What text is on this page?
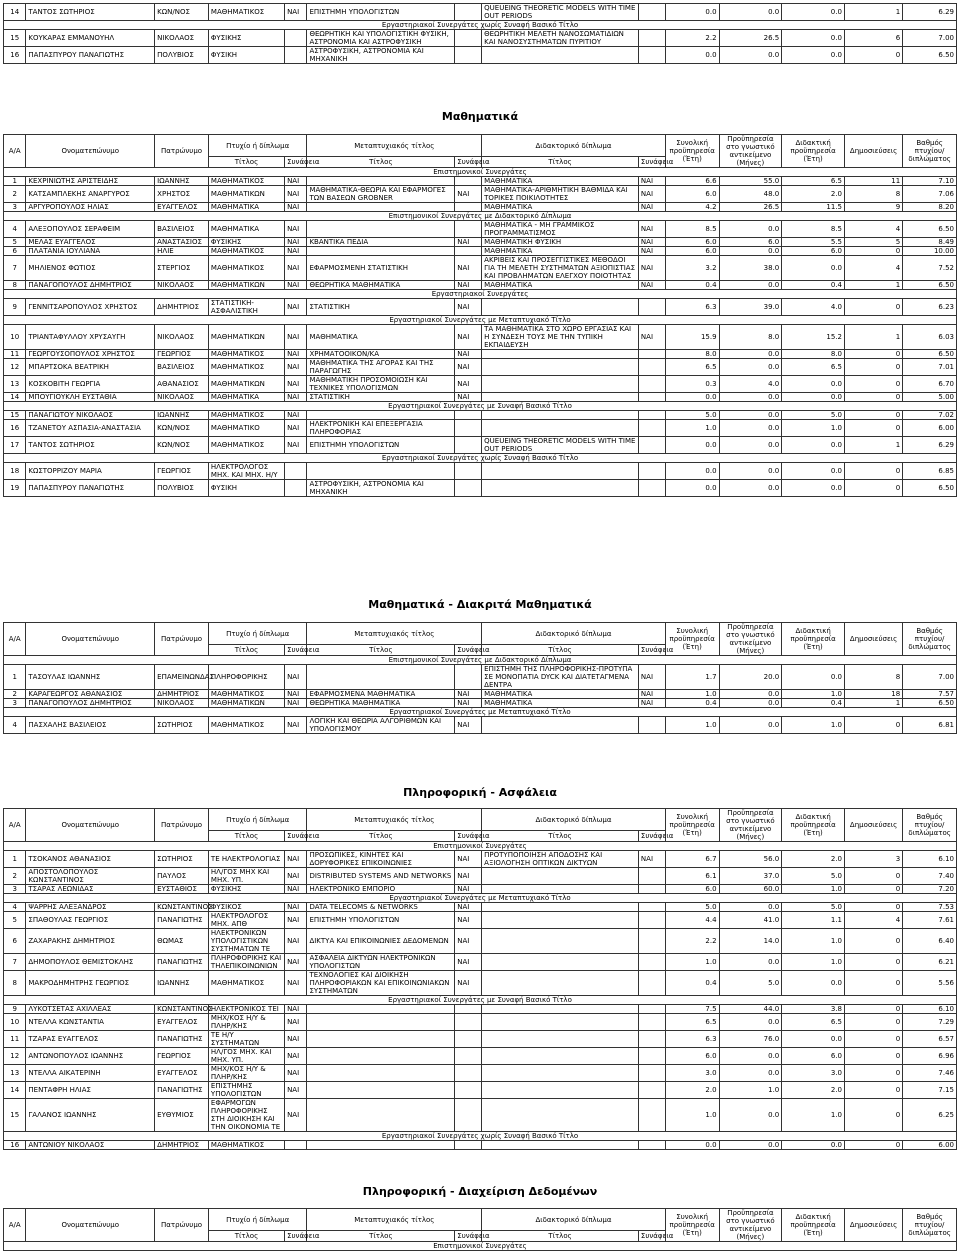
14	ΤΑΝΤΟΣ ΣΩΤΗΡΙΟΣ	ΚΩΝ/ΝΟΣ	ΜΑΘΗΜΑΤΙΚΟΣ	ΝΑΙ	ΕΠΙΣΤΗΜΗ ΥΠΟΛΟΓΙΣΤΩΝ		QUEUEING THEORETIC MODELS WITH TIME OUT PERIODS		0.0	0.0	0.0	1	6.29
Εργαστηριακοί Συνεργάτες χωρίς Συναφή Βασικό Τίτλο													
15	ΚΟΥΚΑΡΑΣ ΕΜΜΑΝΟΥΗΛ	ΝΙΚΟΛΑΟΣ	ΦΥΣΙΚΗΣ		ΘΕΩΡΗΤΙΚΗ ΚΑΙ ΥΠΟΛΟΓΙΣΤΙΚΗ ΦΥΣΙΚΗ, ΑΣΤΡΟΝΟΜΙΑ ΚΑΙ ΑΣΤΡΟΦΥΣΙΚΗ		ΘΕΩΡΗΤΙΚΗ ΜΕΛΕΤΗ ΝΑΝΟΣΩΜΑΤΙΔΙΩΝ ΚΑΙ ΝΑΝΟΣΥΣΤΗΜΑΤΩΝ ΠΥΡΙΤΙΟΥ		2.2	26.5	0.0	6	7.00
16	ΠΑΠΑΣΠΥΡΟΥ ΠΑΝΑΓΙΩΤΗΣ	ΠΟΛΥΒΙΟΣ	ΦΥΣΙΚΗ		ΑΣΤΡΟΦΥΣΙΚΗ, ΑΣΤΡΟΝΟΜΙΑ ΚΑΙ ΜΗΧΑΝΙΚΗ				0.0	0.0	0.0	0	6.50
Μαθηματικά
Α/Α	Ονοματεπώνυμο	Πατρώνυμο	Πτυχίο ή δίπλωμα		Μεταπτυχιακός τίτλος		Διδακτορικό δίπλωμα		Συνολική προϋπηρεσία (Έτη)	Προϋπηρεσία στο γνωστικό αντικείμενο (Μήνες)	Διδακτική προϋπηρεσία (Έτη)	Δημοσιεύσεις	Βαθμός πτυχίου/ διπλώματος
			Τίτλος	Συνάφεια	Τίτλος	Συνάφεια	Τίτλος	Συνάφεια					
Επιστημονικοί Συνεργάτες													
1	ΚΕΧΡΙΝΙΩΤΗΣ ΑΡΙΣΤΕΙΔΗΣ	ΙΩΑΝΝΗΣ	ΜΑΘΗΜΑΤΙΚΟΣ	ΝΑΙ			ΜΑΘΗΜΑΤΙΚΑ	ΝΑΙ	6.6	55.0	6.5	11	7.10
2	ΚΑΤΣΑΜΠΛΕΚΗΣ ΑΝΑΡΓΥΡΟΣ	ΧΡΗΣΤΟΣ	ΜΑΘΗΜΑΤΙΚΩΝ	ΝΑΙ	ΜΑΘΗΜΑΤΙΚΑ-ΘΕΩΡΙΑ ΚΑΙ ΕΦΑΡΜΟΓΕΣ ΤΩΝ ΒΑΣΕΩΝ GROBNER	ΝΑΙ	ΜΑΘΗΜΑΤΙΚΑ-ΑΡΙΘΜΗΤΙΚΗ ΒΑΘΜΙΔΑ ΚΑΙ ΤΟΡΙΚΕΣ ΠΟΙΚΙΛΟΤΗΤΕΣ	ΝΑΙ	6.0	48.0	2.0	8	7.06
3	ΑΡΓΥΡΟΠΟΥΛΟΣ ΗΛΙΑΣ	ΕΥΑΓΓΕΛΟΣ	ΜΑΘΗΜΑΤΙΚΑ	ΝΑΙ			ΜΑΘΗΜΑΤΙΚΑ	ΝΑΙ	4.2	26.5	11.5	9	8.20
Επιστημονικοί Συνεργάτες με Διδακτορικό Δίπλωμα													
4	ΑΛΕΞΟΠΟΥΛΟΣ ΣΕΡΑΦΕΙΜ	ΒΑΣΙΛΕΙΟΣ	ΜΑΘΗΜΑΤΙΚΑ	ΝΑΙ			ΜΑΘΗΜΑΤΙΚΑ - ΜΗ ΓΡΑΜΜΙΚΟΣ ΠΡΟΓΡΑΜΜΑΤΙΣΜΟΣ	ΝΑΙ	8.5	0.0	8.5	4	6.50
5	ΜΕΛΑΣ ΕΥΑΓΓΕΛΟΣ	ΑΝΑΣΤΑΣΙΟΣ	ΦΥΣΙΚΗΣ	ΝΑΙ	ΚΒΑΝΤΙΚΑ ΠΕΔΙΑ	ΝΑΙ	ΜΑΘΗΜΑΤΙΚΗ ΦΥΣΙΚΗ	ΝΑΙ	6.0	6.0	5.5	5	8.49
6	ΠΛΑΤΑΝΙΑ ΙΟΥΛΙΑΝΑ	ΗΛΙΕ	ΜΑΘΗΜΑΤΙΚΟΣ	ΝΑΙ			ΜΑΘΗΜΑΤΙΚΑ	ΝΑΙ	6.0	0.0	6.0	0	10.00
7	ΜΗΛΙΕΝΟΣ ΦΩΤΙΟΣ	ΣΤΕΡΓΙΟΣ	ΜΑΘΗΜΑΤΙΚΟΣ	ΝΑΙ	ΕΦΑΡΜΟΣΜΕΝΗ ΣΤΑΤΙΣΤΙΚΗ	ΝΑΙ	ΑΚΡΙΒΕΙΣ ΚΑΙ ΠΡΟΣΕΓΓΙΣΤΙΚΕΣ ΜΕΘΟΔΟΙ ΓΙΑ ΤΗ ΜΕΛΕΤΗ ΣΥΣΤΗΜΑΤΩΝ ΑΞΙΟΠΙΣΤΙΑΣ ΚΑΙ ΠΡΟΒΛΗΜΑΤΩΝ ΕΛΕΓΧΟΥ ΠΟΙΟΤΗΤΑΣ	ΝΑΙ	3.2	38.0	0.0	4	7.52
8	ΠΑΝΑΓΟΠΟΥΛΟΣ ΔΗΜΗΤΡΙΟΣ	ΝΙΚΟΛΑΟΣ	ΜΑΘΗΜΑΤΙΚΩΝ	ΝΑΙ	ΘΕΩΡΗΤΙΚΑ ΜΑΘΗΜΑΤΙΚΑ	ΝΑΙ	ΜΑΘΗΜΑΤΙΚΑ	ΝΑΙ	0.4	0.0	0.4	1	6.50
Εργαστηριακοί Συνεργάτες													
9	ΓΕΝΝΙΤΣΑΡΟΠΟΥΛΟΣ ΧΡΗΣΤΟΣ	ΔΗΜΗΤΡΙΟΣ	ΣΤΑΤΙΣΤΙΚΗ-ΑΣΦΑΛΙΣΤΙΚΗ	ΝΑΙ	ΣΤΑΤΙΣΤΙΚΗ	ΝΑΙ			6.3	39.0	4.0	0	6.23
Εργαστηριακοί Συνεργάτες με Μεταπτυχιακό Τίτλο													
10	ΤΡΙΑΝΤΑΦΥΛΛΟΥ ΧΡΥΣΑΥΓΗ	ΝΙΚΟΛΑΟΣ	ΜΑΘΗΜΑΤΙΚΩΝ	ΝΑΙ	ΜΑΘΗΜΑΤΙΚΑ	ΝΑΙ	ΤΑ ΜΑΘΗΜΑΤΙΚΑ ΣΤΟ ΧΩΡΟ ΕΡΓΑΣΙΑΣ ΚΑΙ Η ΣΥΝΔΕΣΗ ΤΟΥΣ ΜΕ ΤΗΝ ΤΥΠΙΚΗ ΕΚΠΑΙΔΕΥΣΗ	ΝΑΙ	15.9	8.0	15.2	1	6.03
11	ΓΕΩΡΓΟΥΣΟΠΟΥΛΟΣ ΧΡΗΣΤΟΣ	ΓΕΩΡΓΙΟΣ	ΜΑΘΗΜΑΤΙΚΟΣ	ΝΑΙ	ΧΡΗΜΑΤΟΟΙΚΟΝ/ΚΑ	ΝΑΙ			8.0	0.0	8.0	0	6.50
12	ΜΠΑΡΤΣΟΚΑ ΒΕΑΤΡΙΚΗ	ΒΑΣΙΛΕΙΟΣ	ΜΑΘΗΜΑΤΙΚΟΣ	ΝΑΙ	ΜΑΘΗΜΑΤΙΚΑ ΤΗΣ ΑΓΟΡΑΣ ΚΑΙ ΤΗΣ ΠΑΡΑΓΩΓΗΣ	ΝΑΙ			6.5	0.0	6.5	0	7.01
13	ΚΟΣΚΟΒΙΤΗ ΓΕΩΡΓΙΑ	ΑΘΑΝΑΣΙΟΣ	ΜΑΘΗΜΑΤΙΚΩΝ	ΝΑΙ	ΜΑΘΗΜΑΤΙΚΗ ΠΡΟΣΟΜΟΙΩΣΗ ΚΑΙ ΤΕΧΝΙΚΕΣ ΥΠΟΛΟΓΙΣΜΩΝ	ΝΑΙ			0.3	4.0	0.0	0	6.70
14	ΜΠΟΥΓΙΟΥΚΛΗ ΕΥΣΤΑΘΙΑ	ΝΙΚΟΛΑΟΣ	ΜΑΘΗΜΑΤΙΚΑ	ΝΑΙ	ΣΤΑΤΙΣΤΙΚΗ	ΝΑΙ			0.0	0.0	0.0	0	5.00
Εργαστηριακοί Συνεργάτες με Συναφή Βασικό Τίτλο													
15	ΠΑΝΑΓΙΩΤΟΥ ΝΙΚΟΛΑΟΣ	ΙΩΑΝΝΗΣ	ΜΑΘΗΜΑΤΙΚΟΣ	ΝΑΙ					5.0	0.0	5.0	0	7.02
16	ΤΖΑΝΕΤΟΥ ΑΣΠΑΣΙΑ-ΑΝΑΣΤΑΣΙΑ	ΚΩΝ/ΝΟΣ	ΜΑΘΗΜΑΤΙΚΟ	ΝΑΙ	ΗΛΕΚΤΡΟΝΙΚΗ ΚΑΙ ΕΠΕΞΕΡΓΑΣΙΑ ΠΛΗΡΟΦΟΡΙΑΣ				1.0	0.0	1.0	0	6.00
17	ΤΑΝΤΟΣ ΣΩΤΗΡΙΟΣ	ΚΩΝ/ΝΟΣ	ΜΑΘΗΜΑΤΙΚΟΣ	ΝΑΙ	ΕΠΙΣΤΗΜΗ ΥΠΟΛΟΓΙΣΤΩΝ		QUEUEING THEORETIC MODELS WITH TIME OUT PERIODS		0.0	0.0	0.0	1	6.29
Εργαστηριακοί Συνεργάτες χωρίς Συναφή Βασικό Τίτλο													
18	ΚΩΣΤΟΡΡΙΖΟΥ ΜΑΡΙΑ	ΓΕΩΡΓΙΟΣ	ΗΛΕΚΤΡΟΛΟΓΟΣ ΜΗΧ. ΚΑΙ ΜΗΧ. Η/Υ						0.0	0.0	0.0	0	6.85
19	ΠΑΠΑΣΠΥΡΟΥ ΠΑΝΑΓΙΩΤΗΣ	ΠΟΛΥΒΙΟΣ	ΦΥΣΙΚΗ		ΑΣΤΡΟΦΥΣΙΚΗ, ΑΣΤΡΟΝΟΜΙΑ ΚΑΙ ΜΗΧΑΝΙΚΗ				0.0	0.0	0.0	0	6.50
Μαθηματικά - Διακριτά Μαθηματικά
Α/Α	Ονοματεπώνυμο	Πατρώνυμο	Πτυχίο ή δίπλωμα		Μεταπτυχιακός τίτλος		Διδακτορικό δίπλωμα		Συνολική προϋπηρεσία (Έτη)	Προϋπηρεσία στο γνωστικό αντικείμενο (Μήνες)	Διδακτική προϋπηρεσία (Έτη)	Δημοσιεύσεις	Βαθμός πτυχίου/ διπλώματος
			Τίτλος	Συνάφεια	Τίτλος	Συνάφεια	Τίτλος	Συνάφεια					
Επιστημονικοί Συνεργάτες με Διδακτορικό Δίπλωμα													
1	ΤΑΣΟΥΛΑΣ ΙΩΑΝΝΗΣ	ΕΠΑΜΕΙΝΩΝΔΑΣ	ΠΛΗΡΟΦΟΡΙΚΗΣ	ΝΑΙ			ΕΠΙΣΤΗΜΗ ΤΗΣ ΠΛΗΡΟΦΟΡΙΚΗΣ-ΠΡΟΤΥΠΑ ΣΕ ΜΟΝΟΠΑΤΙΑ DYCK ΚΑΙ ΔΙΑΤΕΤΑΓΜΕΝΑ ΔΕΝΤΡΑ	ΝΑΙ	1.7	20.0	0.0	8	7.00
2	ΚΑΡΑΓΕΩΡΓΟΣ ΑΘΑΝΑΣΙΟΣ	ΔΗΜΗΤΡΙΟΣ	ΜΑΘΗΜΑΤΙΚΟΣ	ΝΑΙ	ΕΦΑΡΜΟΣΜΕΝΑ ΜΑΘΗΜΑΤΙΚΑ	ΝΑΙ	ΜΑΘΗΜΑΤΙΚΑ	ΝΑΙ	1.0	0.0	1.0	18	7.57
3	ΠΑΝΑΓΟΠΟΥΛΟΣ ΔΗΜΗΤΡΙΟΣ	ΝΙΚΟΛΑΟΣ	ΜΑΘΗΜΑΤΙΚΩΝ	ΝΑΙ	ΘΕΩΡΗΤΙΚΑ ΜΑΘΗΜΑΤΙΚΑ	ΝΑΙ	ΜΑΘΗΜΑΤΙΚΑ	ΝΑΙ	0.4	0.0	0.4	1	6.50
Εργαστηριακοί Συνεργάτες με Μεταπτυχιακό Τίτλο													
4	ΠΑΣΧΑΛΗΣ ΒΑΣΙΛΕΙΟΣ	ΣΩΤΗΡΙΟΣ	ΜΑΘΗΜΑΤΙΚΟΣ	ΝΑΙ	ΛΟΓΙΚΗ ΚΑΙ ΘΕΩΡΙΑ ΑΛΓΟΡΙΘΜΩΝ ΚΑΙ ΥΠΟΛΟΓΙΣΜΟΥ	ΝΑΙ			1.0	0.0	1.0	0	6.81
Πληροφορική - Ασφάλεια
Α/Α	Ονοματεπώνυμο	Πατρώνυμο	Πτυχίο ή δίπλωμα		Μεταπτυχιακός τίτλος		Διδακτορικό δίπλωμα		Συνολική προϋπηρεσία (Έτη)	Προϋπηρεσία στο γνωστικό αντικείμενο (Μήνες)	Διδακτική προϋπηρεσία (Έτη)	Δημοσιεύσεις	Βαθμός πτυχίου/ διπλώματος
			Τίτλος	Συνάφεια	Τίτλος	Συνάφεια	Τίτλος	Συνάφεια					
Επιστημονικοί Συνεργάτες													
1	ΤΣΟΚΑΝΟΣ ΑΘΑΝΑΣΙΟΣ	ΣΩΤΗΡΙΟΣ	ΤΕ ΗΛΕΚΤΡΟΛΟΓΙΑΣ	ΝΑΙ	ΠΡΟΣΩΠΙΚΕΣ, ΚΙΝΗΤΕΣ ΚΑΙ ΔΟΡΥΦΟΡΙΚΕΣ ΕΠΙΚΟΙΝΩΝΙΕΣ	ΝΑΙ	ΠΡΟΤΥΠΟΠΟΙΗΣΗ ΑΠΟΔΟΣΗΣ ΚΑΙ ΑΞΙΟΛΟΓΗΣΗ ΟΠΤΙΚΩΝ ΔΙΚΤΥΩΝ	ΝΑΙ	6.7	56.0	2.0	3	6.10
2	ΑΠΟΣΤΟΛΟΠΟΥΛΟΣ ΚΩΝΣΤΑΝΤΙΝΟΣ	ΠΑΥΛΟΣ	ΗΛ/ΓΟΣ ΜΗΧ ΚΑΙ ΜΗΧ. ΥΠ.	ΝΑΙ	DISTRIBUTED SYSTEMS AND NETWORKS	ΝΑΙ			6.1	37.0	5.0	0	7.40
3	ΤΣΑΡΑΣ ΛΕΩΝΙΔΑΣ	ΕΥΣΤΑΘΙΟΣ	ΦΥΣΙΚΗΣ	ΝΑΙ	ΗΛΕΚΤΡΟΝΙΚΟ ΕΜΠΟΡΙΟ	ΝΑΙ			6.0	60.0	1.0	0	7.20
Εργαστηριακοί Συνεργάτες με Μεταπτυχιακό Τίτλο													
4	ΨΑΡΡΗΣ ΑΛΕΞΑΝΔΡΟΣ	ΚΩΝΣΤΑΝΤΙΝΟΣ	ΦΥΣΙΚΟΣ	ΝΑΙ	DATA TELECOMS & NETWORKS	ΝΑΙ			5.0	0.0	5.0	0	7.53
5	ΣΠΑΘΟΥΛΑΣ ΓΕΩΡΓΙΟΣ	ΠΑΝΑΓΙΩΤΗΣ	ΗΛΕΚΤΡΟΛΟΓΟΣ ΜΗΧ. ΑΠΘ	ΝΑΙ	ΕΠΙΣΤΗΜΗ ΥΠΟΛΟΓΙΣΤΩΝ	ΝΑΙ			4.4	41.0	1.1	4	7.61
6	ΖΑΧΑΡΑΚΗΣ ΔΗΜΗΤΡΙΟΣ	ΘΩΜΑΣ	ΗΛΕΚΤΡΟΝΙΚΩΝ ΥΠΟΛΟΓΙΣΤΙΚΩΝ ΣΥΣΤΗΜΑΤΩΝ ΤΕ	ΝΑΙ	ΔΙΚΤΥΑ ΚΑΙ ΕΠΙΚΟΙΝΩΝΙΕΣ ΔΕΔΟΜΕΝΩΝ	ΝΑΙ			2.2	14.0	1.0	0	6.40
7	ΔΗΜΟΠΟΥΛΟΣ ΘΕΜΙΣΤΟΚΛΗΣ	ΠΑΝΑΓΙΩΤΗΣ	ΠΛΗΡΟΦΟΡΙΚΗΣ ΚΑΙ ΤΗΛΕΠΙΚΟΙΝΩΝΙΩΝ	ΝΑΙ	ΑΣΦΑΛΕΙΑ ΔΙΚΤΥΩΝ ΗΛΕΚΤΡΟΝΙΚΩΝ ΥΠΟΛΟΓΙΣΤΩΝ	ΝΑΙ			1.0	0.0	1.0	0	6.21
8	ΜΑΚΡΟΔΗΜΗΤΡΗΣ ΓΕΩΡΓΙΟΣ	ΙΩΑΝΝΗΣ	ΜΑΘΗΜΑΤΙΚΟΣ	ΝΑΙ	ΤΕΧΝΟΛΟΓΙΕΣ ΚΑΙ ΔΙΟΙΚΗΣΗ ΠΛΗΡΟΦΟΡΙΑΚΩΝ ΚΑΙ ΕΠΙΚΟΙΝΩΝΙΑΚΩΝ ΣΥΣΤΗΜΑΤΩΝ	ΝΑΙ			0.4	5.0	0.0	0	5.56
Εργαστηριακοί Συνεργάτες με Συναφή Βασικό Τίτλο													
9	ΛΥΚΟΤΣΕΤΑΣ ΑΧΙΛΛΕΑΣ	ΚΩΝΣΤΑΝΤΙΝΟΣ	ΗΛΕΚΤΡΟΝΙΚΟΣ ΤΕΙ	ΝΑΙ					7.5	44.0	3.8	0	6.10
10	ΝΤΕΛΛΑ ΚΩΝΣΤΑΝΤΙΑ	ΕΥΑΓΓΕΛΟΣ	ΜΗΧ/ΚΟΣ Η/Υ & ΠΛΗΡ/ΚΗΣ	ΝΑΙ					6.5	0.0	6.5	0	7.29
11	ΤΖΑΡΑΣ ΕΥΑΓΓΕΛΟΣ	ΠΑΝΑΓΙΩΤΗΣ	ΤΕ Η/Υ ΣΥΣΤΗΜΑΤΩΝ	ΝΑΙ					6.3	76.0	0.0	0	6.57
12	ΑΝΤΩΝΟΠΟΥΛΟΣ ΙΩΑΝΝΗΣ	ΓΕΩΡΓΙΟΣ	ΗΛ/ΓΟΣ ΜΗΧ. ΚΑΙ ΜΗΧ. ΥΠ.	ΝΑΙ					6.0	0.0	6.0	0	6.96
13	ΝΤΕΛΛΑ ΑΙΚΑΤΕΡΙΝΗ	ΕΥΑΓΓΕΛΟΣ	ΜΗΧ/ΚΟΣ Η/Υ & ΠΛΗΡ/ΚΗΣ	ΝΑΙ					3.0	0.0	3.0	0	7.46
14	ΠΕΝΤΑΦΡΗ ΗΛΙΑΣ	ΠΑΝΑΓΙΩΤΗΣ	ΕΠΙΣΤΗΜΗΣ ΥΠΟΛΟΓΙΣΤΩΝ	ΝΑΙ					2.0	1.0	2.0	0	7.15
15	ΓΑΛΑΝΟΣ ΙΩΑΝΝΗΣ	ΕΥΘΥΜΙΟΣ	ΕΦΑΡΜΟΓΩΝ ΠΛΗΡΟΦΟΡΙΚΗΣ ΣΤΗ ΔΙΟΙΚΗΣΗ ΚΑΙ ΤΗΝ ΟΙΚΟΝΟΜΙΑ ΤΕ	ΝΑΙ					1.0	0.0	1.0	0	6.25
Εργαστηριακοί Συνεργάτες χωρίς Συναφή Βασικό Τίτλο													
16	ΑΝΤΩΝΙΟΥ ΝΙΚΟΛΑΟΣ	ΔΗΜΗΤΡΙΟΣ	ΜΑΘΗΜΑΤΙΚΟΣ						0.0	0.0	0.0	0	6.00
Πληροφορική - Διαχείριση Δεδομένων
Α/Α	Ονοματεπώνυμο	Πατρώνυμο	Πτυχίο ή δίπλωμα		Μεταπτυχιακός τίτλος		Διδακτορικό δίπλωμα		Συνολική προϋπηρεσία (Έτη)	Προϋπηρεσία στο γνωστικό αντικείμενο (Μήνες)	Διδακτική προϋπηρεσία (Έτη)	Δημοσιεύσεις	Βαθμός πτυχίου/ διπλώματος
			Τίτλος	Συνάφεια	Τίτλος	Συνάφεια	Τίτλος	Συνάφεια					
Επιστημονικοί Συνεργάτες													
